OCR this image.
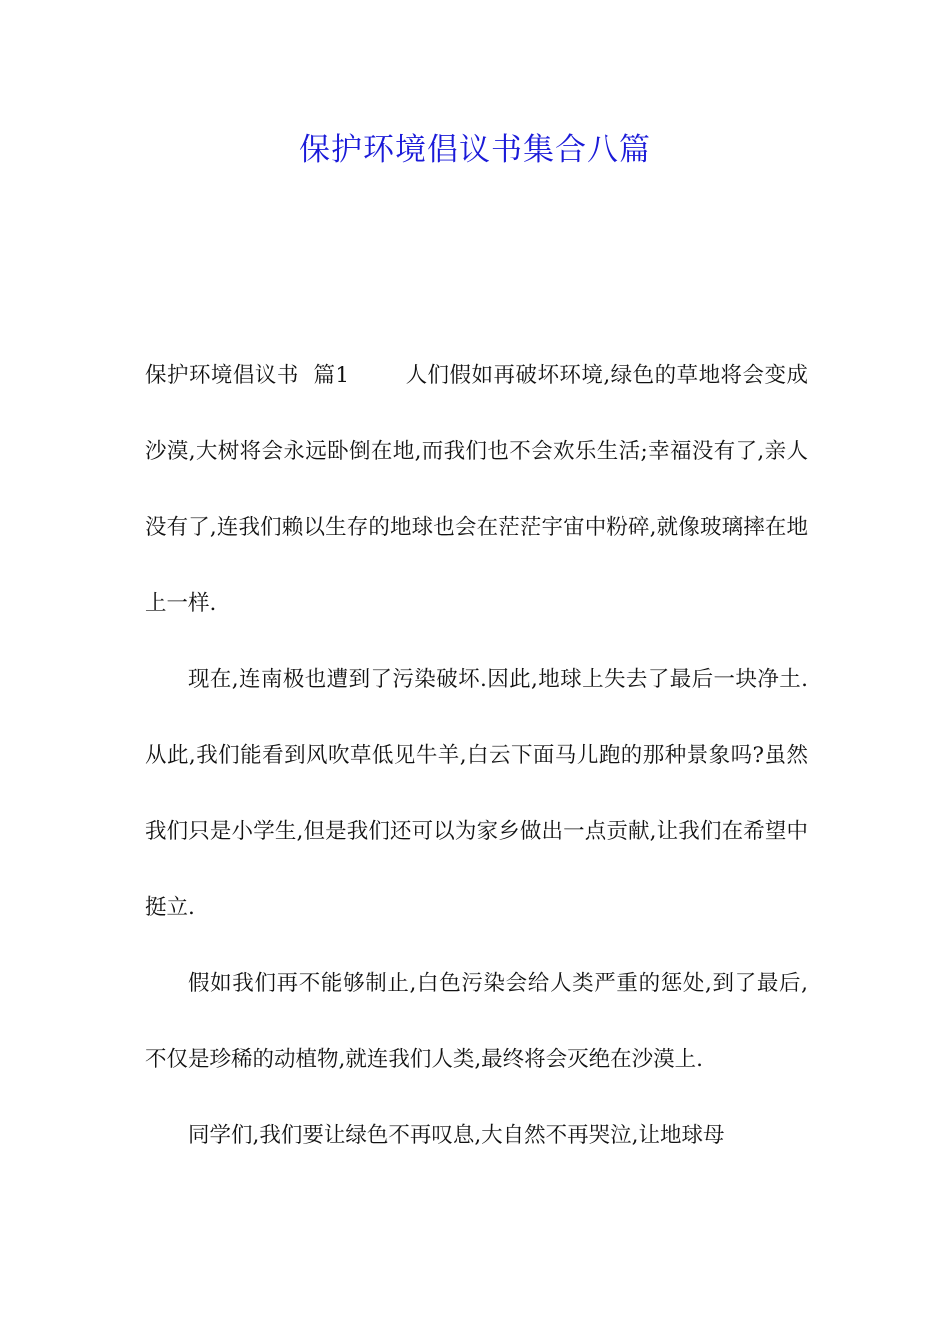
保护环境倡议书集合八篇

保护环境倡议书  篇1	人们假如再破坏环境,绿色的草地将会变成沙漠,大树将会永远卧倒在地,而我们也不会欢乐生活;幸福没有了,亲人没有了,连我们赖以生存的地球也会在茫茫宇宙中粉碎,就像玻璃摔在地上一样.

现在,连南极也遭到了污染破坏.因此,地球上失去了最后一块净土.从此,我们能看到风吹草低见牛羊,白云下面马儿跑的那种景象吗?虽然我们只是小学生,但是我们还可以为家乡做出一点贡献,让我们在希望中挺立.

假如我们再不能够制止,白色污染会给人类严重的惩处,到了最后,不仅是珍稀的动植物,就连我们人类,最终将会灭绝在沙漠上.

同学们,我们要让绿色不再叹息,大自然不再哭泣,让地球母
